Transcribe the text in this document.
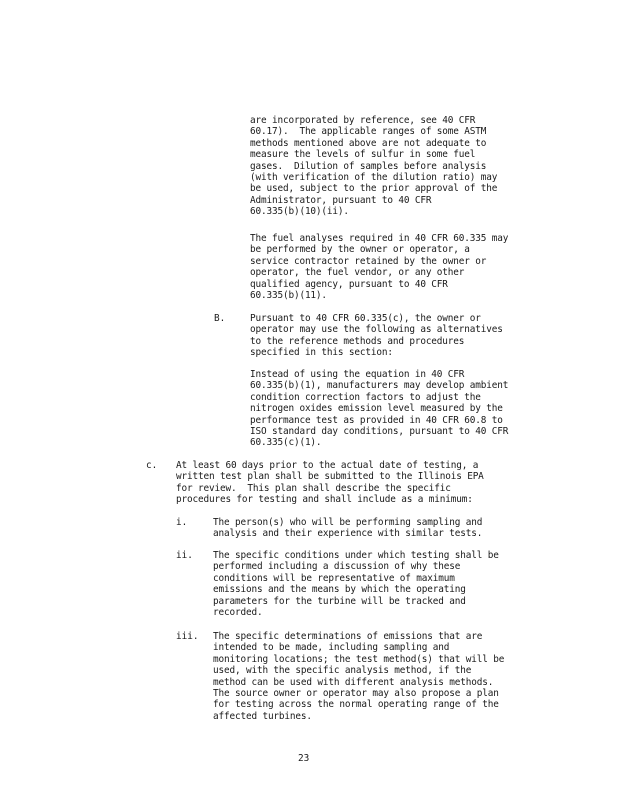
are incorporated by reference, see 40 CFR
60.17).  The applicable ranges of some ASTM
methods mentioned above are not adequate to
measure the levels of sulfur in some fuel
gases.  Dilution of samples before analysis
(with verification of the dilution ratio) may
be used, subject to the prior approval of the
Administrator, pursuant to 40 CFR
60.335(b)(10)(ii).

The fuel analyses required in 40 CFR 60.335 may
be performed by the owner or operator, a
service contractor retained by the owner or
operator, the fuel vendor, or any other
qualified agency, pursuant to 40 CFR
60.335(b)(11).

B.	Pursuant to 40 CFR 60.335(c), the owner or
operator may use the following as alternatives
to the reference methods and procedures
specified in this section:

Instead of using the equation in 40 CFR
60.335(b)(1), manufacturers may develop ambient
condition correction factors to adjust the
nitrogen oxides emission level measured by the
performance test as provided in 40 CFR 60.8 to
ISO standard day conditions, pursuant to 40 CFR
60.335(c)(1).

c. At least 60 days prior to the actual date of testing, a
written test plan shall be submitted to the Illinois EPA
for review.  This plan shall describe the specific
procedures for testing and shall include as a minimum:

i.	The person(s) who will be performing sampling and
analysis and their experience with similar tests.

ii. The specific conditions under which testing shall be
performed including a discussion of why these
conditions will be representative of maximum
emissions and the means by which the operating
parameters for the turbine will be tracked and
recorded.

iii. The specific determinations of emissions that are
intended to be made, including sampling and
monitoring locations; the test method(s) that will be
used, with the specific analysis method, if the
method can be used with different analysis methods.
The source owner or operator may also propose a plan
for testing across the normal operating range of the
affected turbines.

23
